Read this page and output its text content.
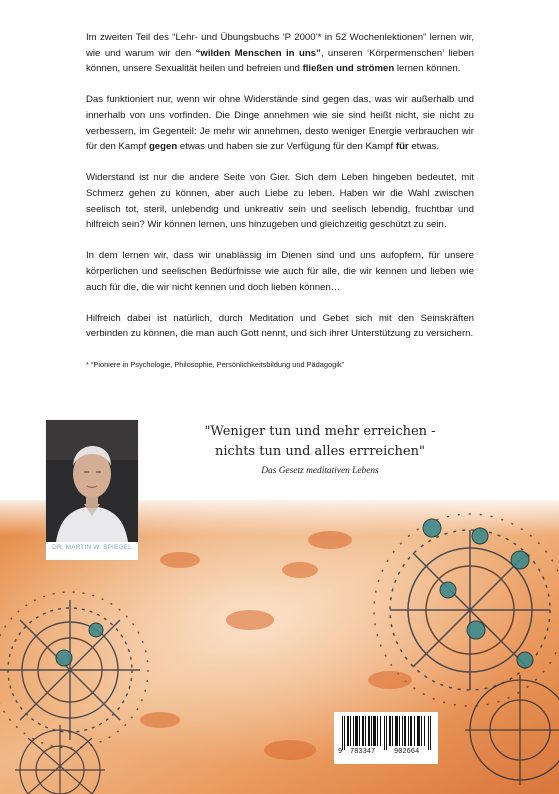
Im zweiten Teil des “Lehr- und Übungsbuchs ‘P 2000’* in 52 Wochenlektionen” lernen wir, wie und warum wir den “wilden Menschen in uns”, unseren ‘Körpermenschen’ lieben können, unsere Sexualität heilen und befreien und fließen und strömen lernen können.

Das funktioniert nur, wenn wir ohne Widerstände sind gegen das, was wir außerhalb und innerhalb von uns vorfinden. Die Dinge annehmen wie sie sind heißt nicht, sie nicht zu verbessern, im Gegenteil: Je mehr wir annehmen, desto weniger Energie verbrauchen wir für den Kampf gegen etwas und haben sie zur Verfügung für den Kampf für etwas.

Widerstand ist nur die andere Seite von Gier. Sich dem Leben hingeben bedeutet, mit Schmerz gehen zu können, aber auch Liebe zu leben. Haben wir die Wahl zwischen seelisch tot, steril, unlebendig und unkreativ sein und seelisch lebendig, fruchtbar und hilfreich sein? Wir können lernen, uns hinzugeben und gleichzeitig geschützt zu sein.

In dem lernen wir, dass wir unablässig im Dienen sind und uns aufopfern, für unsere körperlichen und seelischen Bedürfnisse wie auch für alle, die wir kennen und lieben wie auch für die, die wir nicht kennen und doch lieben können…

Hilfreich dabei ist natürlich, durch Meditation und Gebet sich mit den Seinskräften verbinden zu können, die man auch Gott nennt, und sich ihrer Unterstützung zu versichern.

* “Pioniere in Psychologie, Philosophie, Persönlichkeitsbildung und Pädagogik”

DR. MARTIN W. SPIEGEL
"Weniger tun und mehr erreichen -
nichts tun und alles errreichen"
Das Gesetz meditativen Lebens
9 783347	902664
